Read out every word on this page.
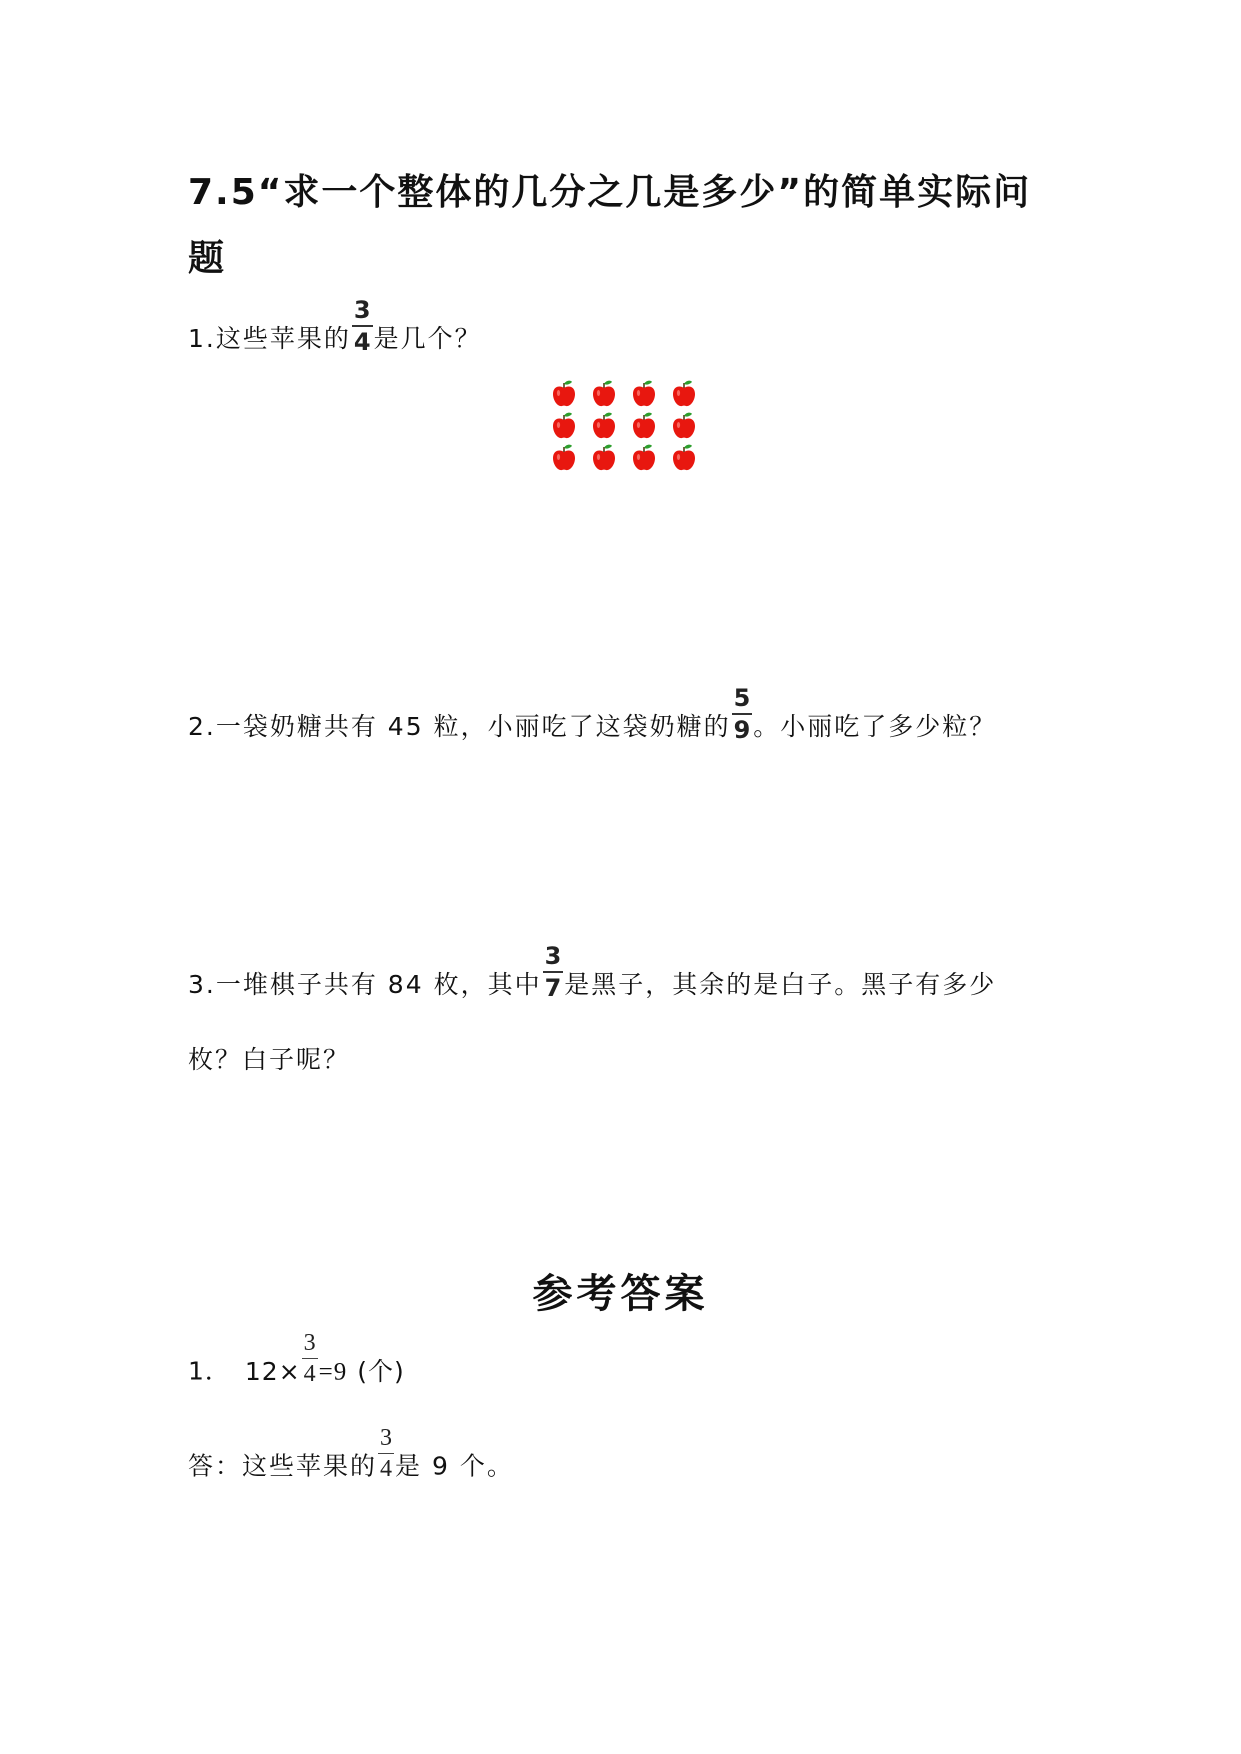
7.5“求一个整体的几分之几是多少”的简单实际问题
1.这些苹果的 $\frac{3}{4}$ 是几个？
2.一袋奶糖共有 45 粒，小丽吃了这袋奶糖的 $\frac{5}{9}$ 。小丽吃了多少粒？
3.一堆棋子共有 84 枚，其中 $\frac{3}{7}$ 是黑子，其余的是白子。黑子有多少
枚？白子呢？
参考答案
1． $12\times \frac{3}{4} =9$ (个)
答：这些苹果的 $\frac{3}{4}$ 是 9 个。
